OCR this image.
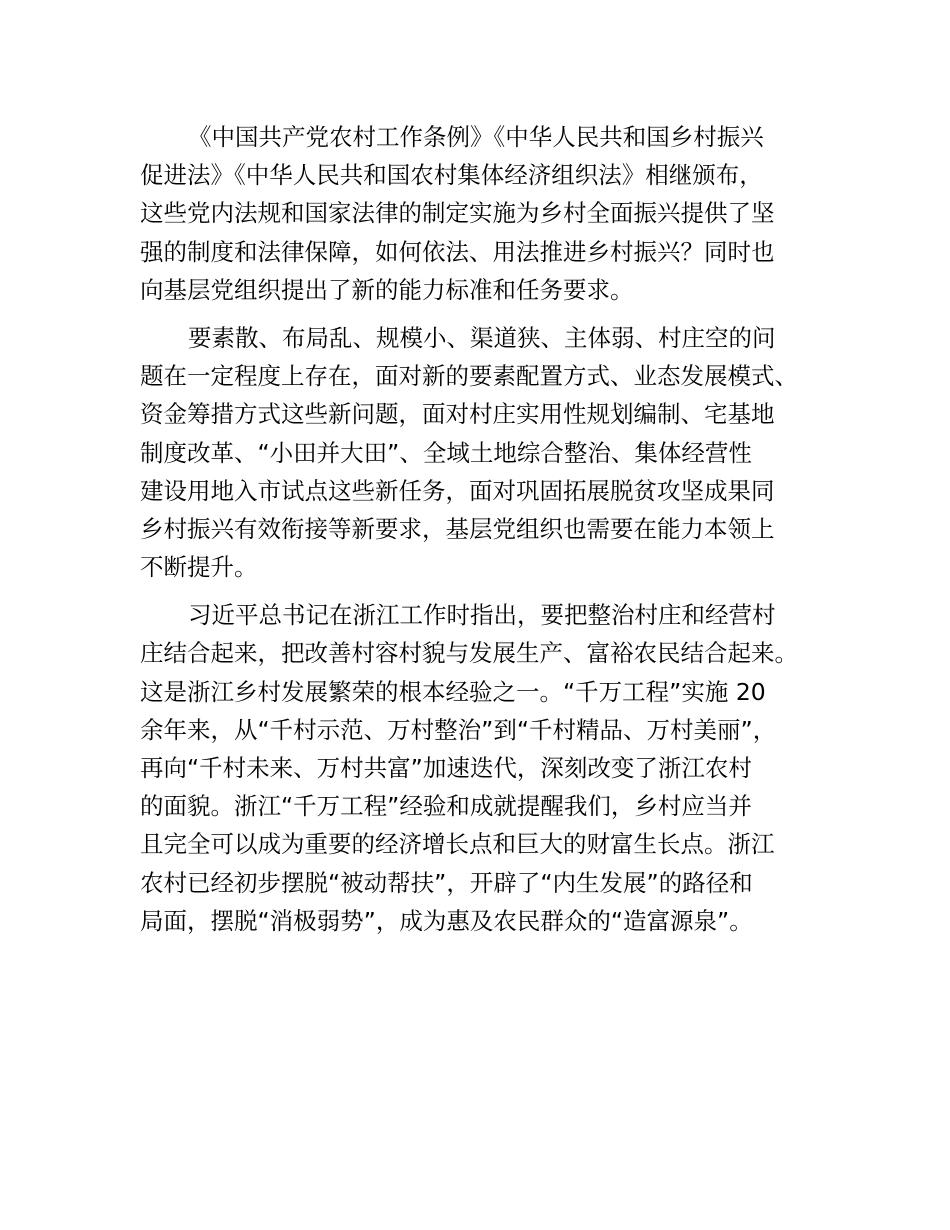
《中国共产党农村工作条例》《中华人民共和国乡村振兴
促进法》《中华人民共和国农村集体经济组织法》相继颁布，
这些党内法规和国家法律的制定实施为乡村全面振兴提供了坚
强的制度和法律保障，如何依法、用法推进乡村振兴？同时也
向基层党组织提出了新的能力标准和任务要求。
要素散、布局乱、规模小、渠道狭、主体弱、村庄空的问
题在一定程度上存在，面对新的要素配置方式、业态发展模式、
资金筹措方式这些新问题，面对村庄实用性规划编制、宅基地
制度改革、“小田并大田”、全域土地综合整治、集体经营性
建设用地入市试点这些新任务，面对巩固拓展脱贫攻坚成果同
乡村振兴有效衔接等新要求，基层党组织也需要在能力本领上
不断提升。
习近平总书记在浙江工作时指出，要把整治村庄和经营村
庄结合起来，把改善村容村貌与发展生产、富裕农民结合起来。
这是浙江乡村发展繁荣的根本经验之一。“千万工程”实施 20
余年来，从“千村示范、万村整治”到“千村精品、万村美丽”，
再向“千村未来、万村共富”加速迭代，深刻改变了浙江农村
的面貌。浙江“千万工程”经验和成就提醒我们，乡村应当并
且完全可以成为重要的经济增长点和巨大的财富生长点。浙江
农村已经初步摆脱“被动帮扶”，开辟了“内生发展”的路径和
局面，摆脱“消极弱势”，成为惠及农民群众的“造富源泉”。
